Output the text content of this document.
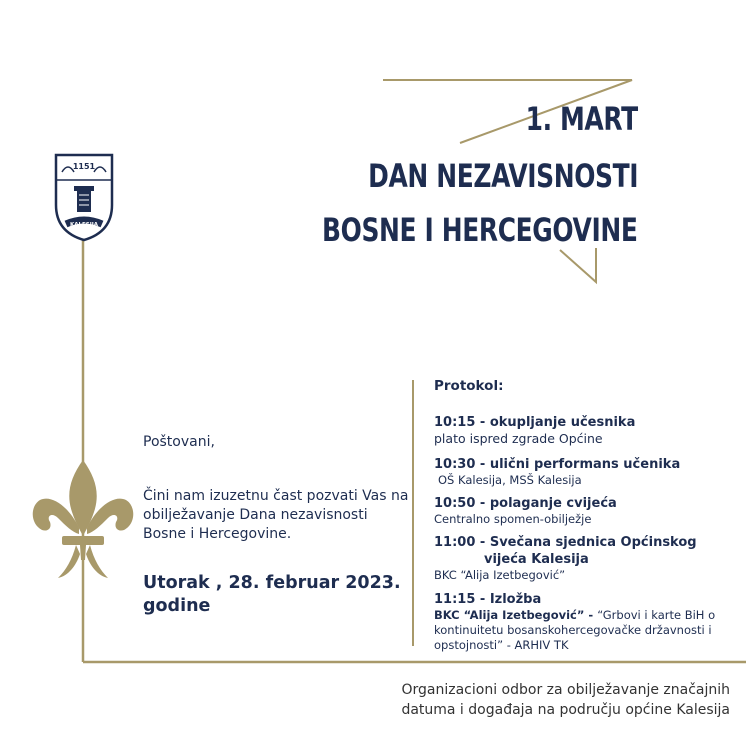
1151
KALESIJA
1. MART
DAN NEZAVISNOSTI
BOSNE I HERCEGOVINE
Poštovani,
Čini nam izuzetnu čast pozvati Vas na obilježavanje Dana nezavisnosti Bosne i Hercegovine.
Utorak , 28. februar 2023. godine
Protokol:
10:15 - okupljanje učesnika
plato ispred zgrade Općine
10:30 - ulični performans učenika
OŠ Kalesija, MSŠ Kalesija
10:50 - polaganje cvijeća
Centralno spomen-obilježje
11:00 - Svečana sjednica Općinskog
vijeća Kalesija
BKC “Alija Izetbegović”
11:15 - Izložba
BKC “Alija Izetbegović” - “Grbovi i karte BiH o kontinuitetu bosanskohercegovačke državnosti i opstojnosti” - ARHIV TK
Organizacioni odbor za obilježavanje značajnih
datuma i događaja na području općine Kalesija
